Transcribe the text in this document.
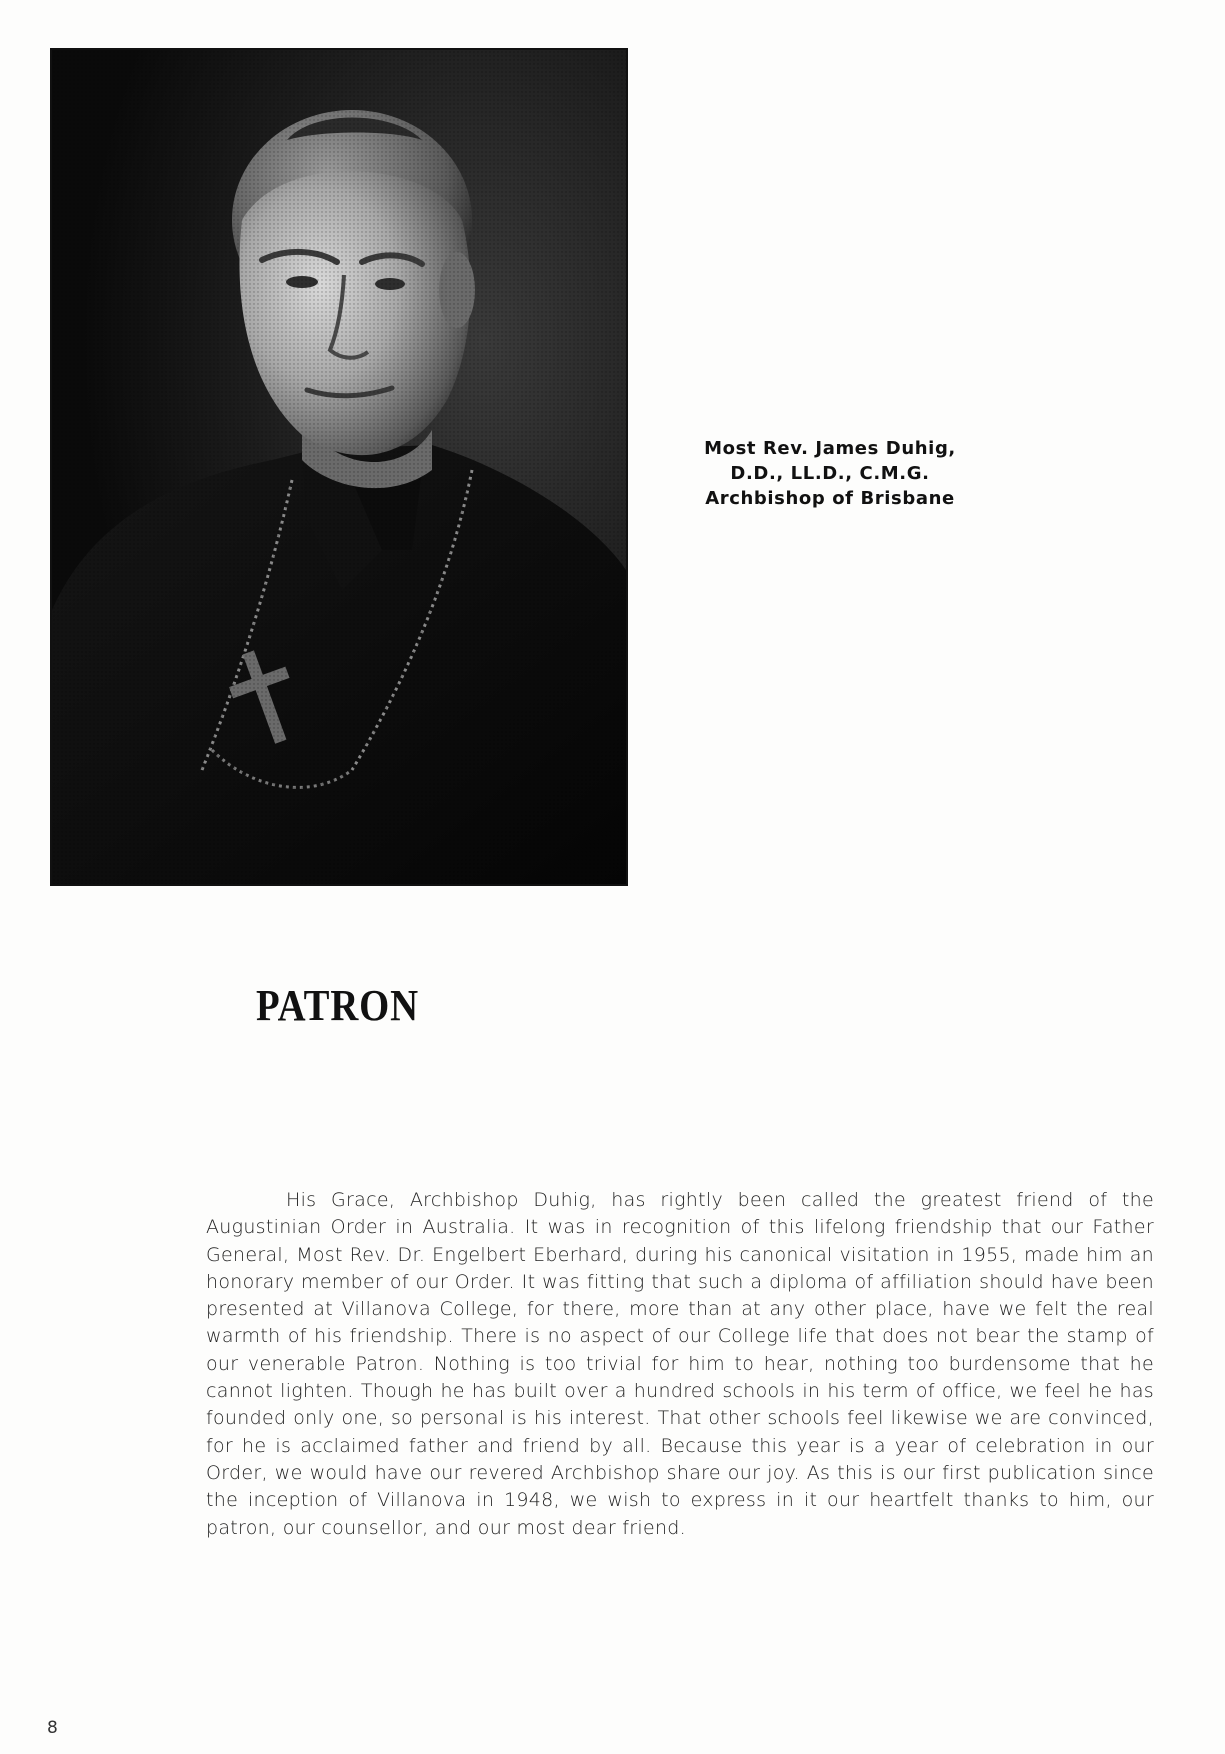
Most Rev. James Duhig,
D.D., LL.D., C.M.G.
Archbishop of Brisbane
PATRON
His Grace, Archbishop Duhig, has rightly been called the greatest friend of the Augustinian Order in Australia. It was in recognition of this lifelong friendship that our Father General, Most Rev. Dr. Engelbert Eberhard, during his canonical visitation in 1955, made him an honorary member of our Order. It was fitting that such a diploma of affiliation should have been presented at Villanova College, for there, more than at any other place, have we felt the real warmth of his friendship. There is no aspect of our College life that does not bear the stamp of our venerable Patron. Nothing is too trivial for him to hear, nothing too burdensome that he cannot lighten. Though he has built over a hundred schools in his term of office, we feel he has founded only one, so personal is his interest. That other schools feel likewise we are convinced, for he is acclaimed father and friend by all. Because this year is a year of celebration in our Order, we would have our revered Archbishop share our joy. As this is our first publication since the inception of Villanova in 1948, we wish to express in it our heartfelt thanks to him, our patron, our counsellor, and our most dear friend.
8
